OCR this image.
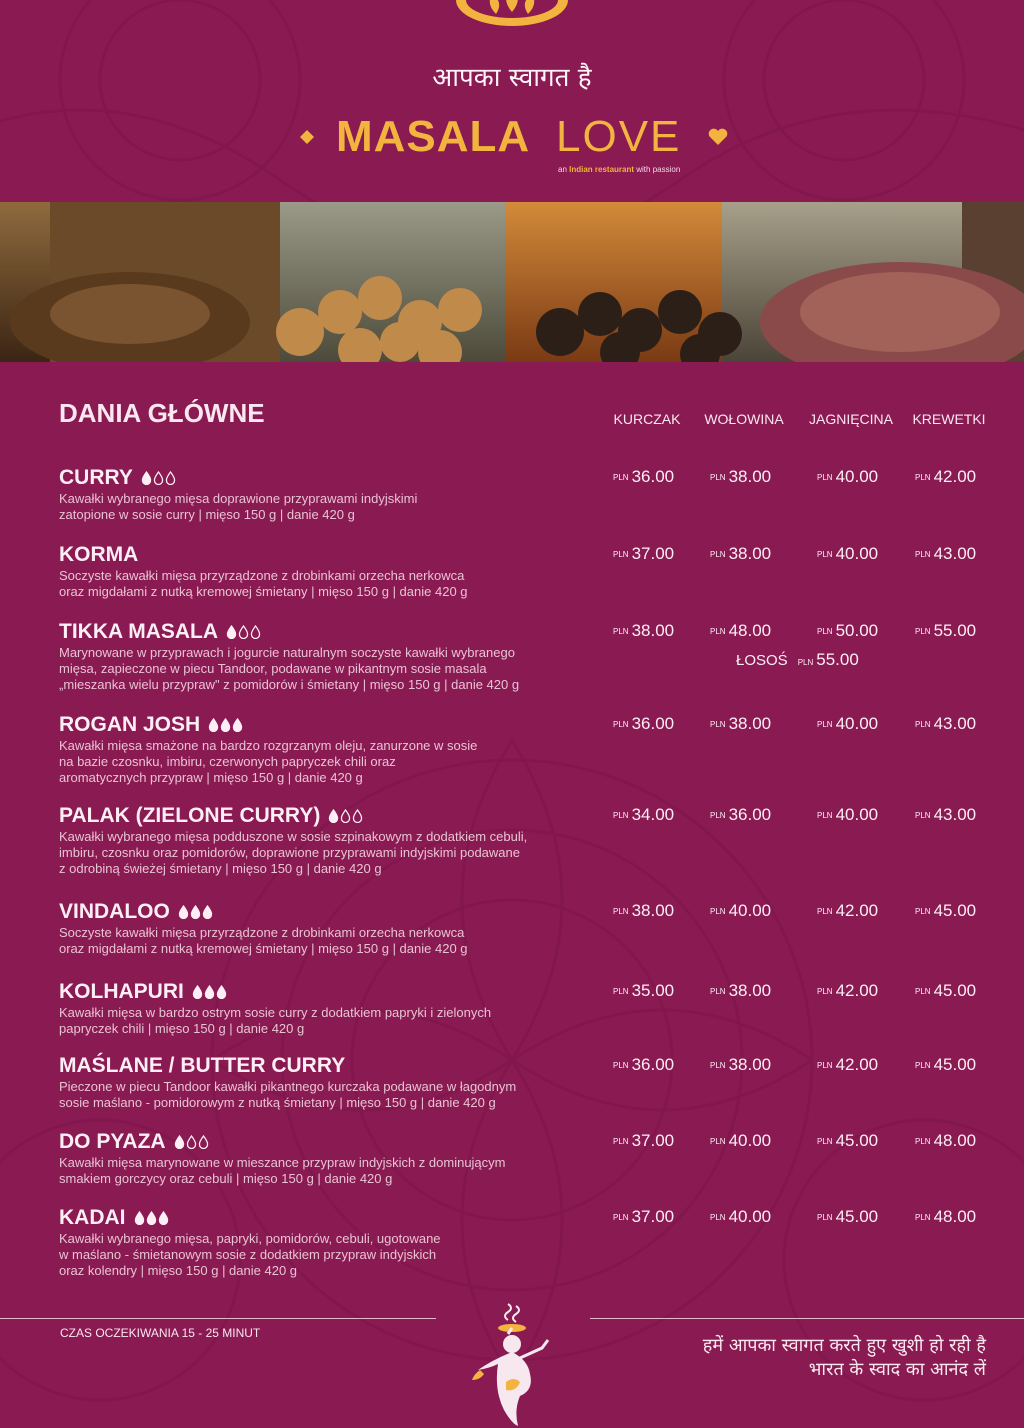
आपका स्वागत है
MASALA LOVE
an Indian restaurant with passion
DANIA GŁÓWNE	KURCZAK	WOŁOWINA	JAGNIĘCINA	KREWETKI
CURRY
Kawałki wybranego mięsa doprawione przyprawami indyjskimi
zatopione w sosie curry | mięso 150 g | danie 420 g
PLN 36.00	PLN 38.00	PLN 40.00	PLN 42.00
KORMA
Soczyste kawałki mięsa przyrządzone z drobinkami orzecha nerkowca
oraz migdałami z nutką kremowej śmietany | mięso 150 g | danie 420 g
PLN 37.00	PLN 38.00	PLN 40.00	PLN 43.00
TIKKA MASALA
Marynowane w przyprawach i jogurcie naturalnym soczyste kawałki wybranego
mięsa, zapieczone w piecu Tandoor, podawane w pikantnym sosie masala
„mieszanka wielu przypraw" z pomidorów i śmietany | mięso 150 g | danie 420 g
PLN 38.00	PLN 48.00	PLN 50.00	PLN 55.00
ŁOSOŚ PLN 55.00
ROGAN JOSH
Kawałki mięsa smażone na bardzo rozgrzanym oleju, zanurzone w sosie
na bazie czosnku, imbiru, czerwonych papryczek chili oraz
aromatycznych przypraw | mięso 150 g | danie 420 g
PLN 36.00	PLN 38.00	PLN 40.00	PLN 43.00
PALAK (ZIELONE CURRY)
Kawałki wybranego mięsa podduszone w sosie szpinakowym z dodatkiem cebuli,
imbiru, czosnku oraz pomidorów, doprawione przyprawami indyjskimi podawane
z odrobiną świeżej śmietany | mięso 150 g | danie 420 g
PLN 34.00	PLN 36.00	PLN 40.00	PLN 43.00
VINDALOO
Soczyste kawałki mięsa przyrządzone z drobinkami orzecha nerkowca
oraz migdałami z nutką kremowej śmietany | mięso 150 g | danie 420 g
PLN 38.00	PLN 40.00	PLN 42.00	PLN 45.00
KOLHAPURI
Kawałki mięsa w bardzo ostrym sosie curry z dodatkiem papryki i zielonych
papryczek chili | mięso 150 g | danie 420 g
PLN 35.00	PLN 38.00	PLN 42.00	PLN 45.00
MAŚLANE / BUTTER CURRY
Pieczone w piecu Tandoor kawałki pikantnego kurczaka podawane w łagodnym
sosie maślano - pomidorowym z nutką śmietany | mięso 150 g | danie 420 g
PLN 36.00	PLN 38.00	PLN 42.00	PLN 45.00
DO PYAZA
Kawałki mięsa marynowane w mieszance przypraw indyjskich z dominującym
smakiem gorczycy oraz cebuli | mięso 150 g | danie 420 g
PLN 37.00	PLN 40.00	PLN 45.00	PLN 48.00
KADAI
Kawałki wybranego mięsa, papryki, pomidorów, cebuli, ugotowane
w maślano - śmietanowym sosie z dodatkiem przypraw indyjskich
oraz kolendry | mięso 150 g | danie 420 g
PLN 37.00	PLN 40.00	PLN 45.00	PLN 48.00
CZAS OCZEKIWANIA 15 - 25 MINUT
हमें आपका स्वागत करते हुए खुशी हो रही है
भारत के स्वाद का आनंद लें
